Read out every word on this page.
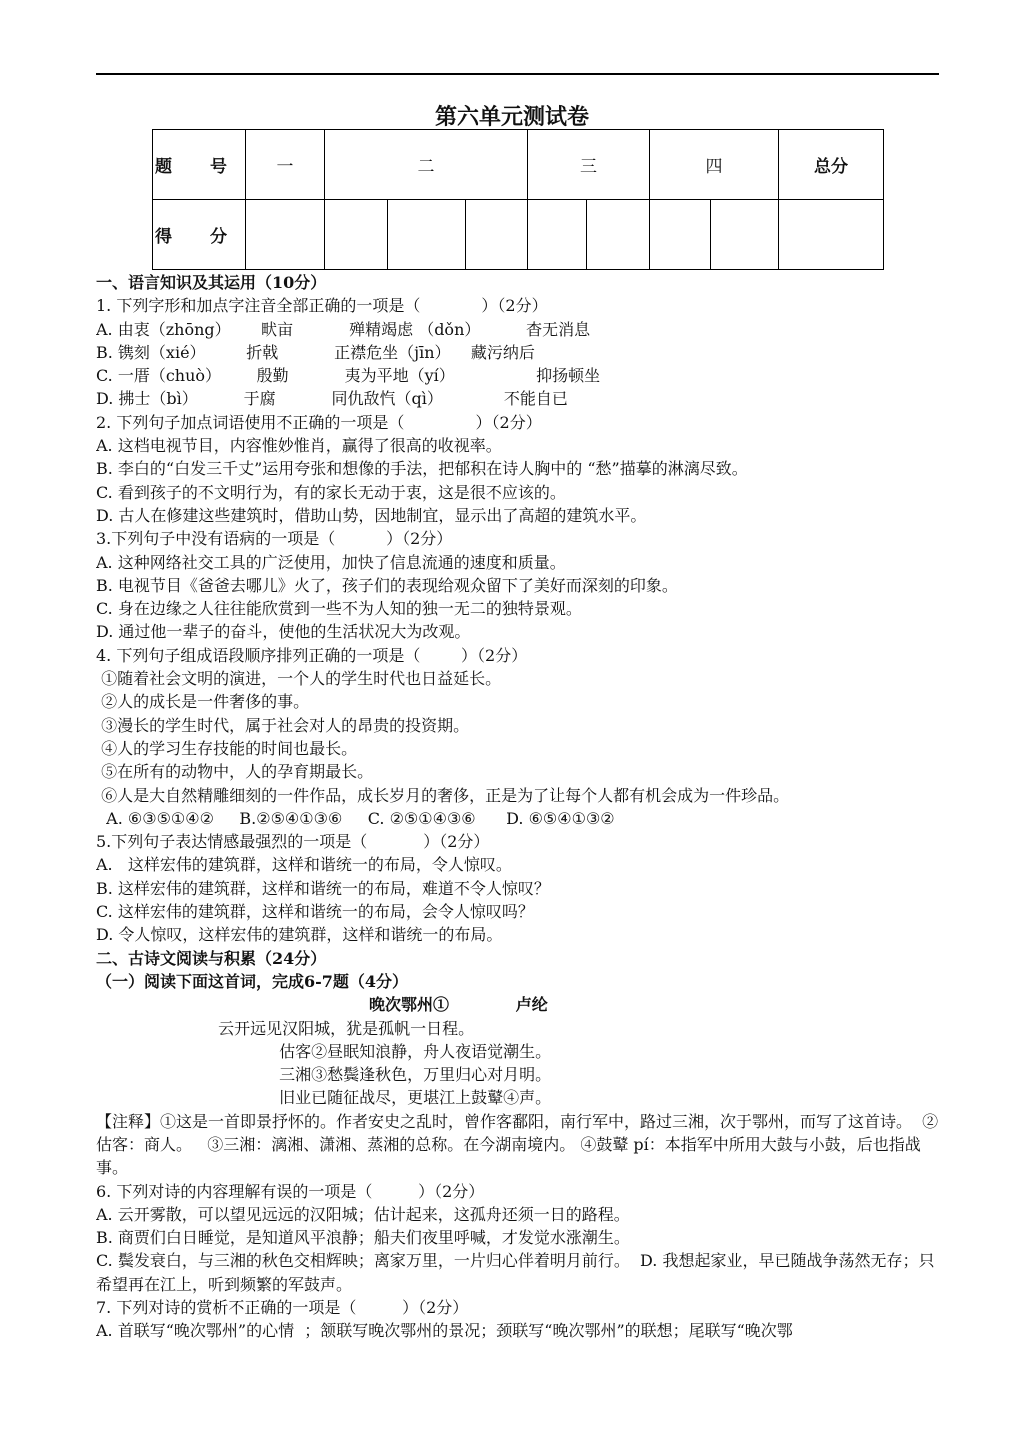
第六单元测试卷
题 号	一	二			三		四		总分
得 分									
一、语言知识及其运用（10分）
1. 下列字形和加点字注音全部正确的一项是（            ）（2分）
A. 由衷（zhōng）      畎亩           殚精竭虑 （dǒn）         杳无消息
B. 镌刻（xié）        折戟           正襟危坐（jīn）    藏污纳后
C. 一厝（chuò）       殷勤           夷为平地（yí）                抑扬顿坐
D. 拂士（bì）         于腐           同仇敌忾（qì）            不能自已
2. 下列句子加点词语使用不正确的一项是（              ）（2分）
A. 这档电视节目，内容惟妙惟肖，赢得了很高的收视率。
B. 李白的“白发三千丈”运用夸张和想像的手法，把郁积在诗人胸中的 “愁”描摹的淋漓尽致。
C. 看到孩子的不文明行为，有的家长无动于衷，这是很不应该的。
D. 古人在修建这些建筑时，借助山势，因地制宜，显示出了高超的建筑水平。
3.下列句子中没有语病的一项是（          ）（2分）
A. 这种网络社交工具的广泛使用，加快了信息流通的速度和质量。
B. 电视节目《爸爸去哪儿》火了，孩子们的表现给观众留下了美好而深刻的印象。
C. 身在边缘之人往往能欣赏到一些不为人知的独一无二的独特景观。
D. 通过他一辈子的奋斗，使他的生活状况大为改观。
4. 下列句子组成语段顺序排列正确的一项是（        ）（2分）
①随着社会文明的演进，一个人的学生时代也日益延长。
②人的成长是一件奢侈的事。
③漫长的学生时代，属于社会对人的昂贵的投资期。
④人的学习生存技能的时间也最长。
⑤在所有的动物中，人的孕育期最长。
⑥人是大自然精雕细刻的一件作品，成长岁月的奢侈，正是为了让每个人都有机会成为一件珍品。
A. ⑥③⑤①④②     B.②⑤④①③⑥     C. ②⑤①④③⑥      D. ⑥⑤④①③②
5.下列句子表达情感最强烈的一项是（           ）（2分）
A.   这样宏伟的建筑群，这样和谐统一的布局，令人惊叹。
B. 这样宏伟的建筑群，这样和谐统一的布局，难道不令人惊叹？
C. 这样宏伟的建筑群，这样和谐统一的布局，会令人惊叹吗？
D. 令人惊叹，这样宏伟的建筑群，这样和谐统一的布局。
二、古诗文阅读与积累（24分）
（一）阅读下面这首词，完成6-7题（4分）
晚次鄂州①            卢纶
云开远见汉阳城，犹是孤帆一日程。
估客②昼眠知浪静，舟人夜语觉潮生。
三湘③愁鬓逢秋色，万里归心对月明。
旧业已随征战尽，更堪江上鼓鼙④声。
【注释】①这是一首即景抒怀的。作者安史之乱时，曾作客鄱阳，南行军中，路过三湘，次于鄂州，而写了这首诗。  ②估客：商人。   ③三湘：漓湘、潇湘、蒸湘的总称。在今湖南境内。 ④鼓鼙 pí：本指军中所用大鼓与小鼓，后也指战事。
6. 下列对诗的内容理解有误的一项是（         ）（2分）
A. 云开雾散，可以望见远远的汉阳城；估计起来，这孤舟还须一日的路程。
B. 商贾们白日睡觉，是知道风平浪静；船夫们夜里呼喊，才发觉水涨潮生。
C. 鬓发衰白，与三湘的秋色交相辉映；离家万里，一片归心伴着明月前行。  D. 我想起家业，早已随战争荡然无存；只希望再在江上，听到频繁的军鼓声。
7. 下列对诗的赏析不正确的一项是（         ）（2分）
A. 首联写“晚次鄂州”的心情  ；颔联写晚次鄂州的景况；颈联写“晚次鄂州”的联想；尾联写“晚次鄂
